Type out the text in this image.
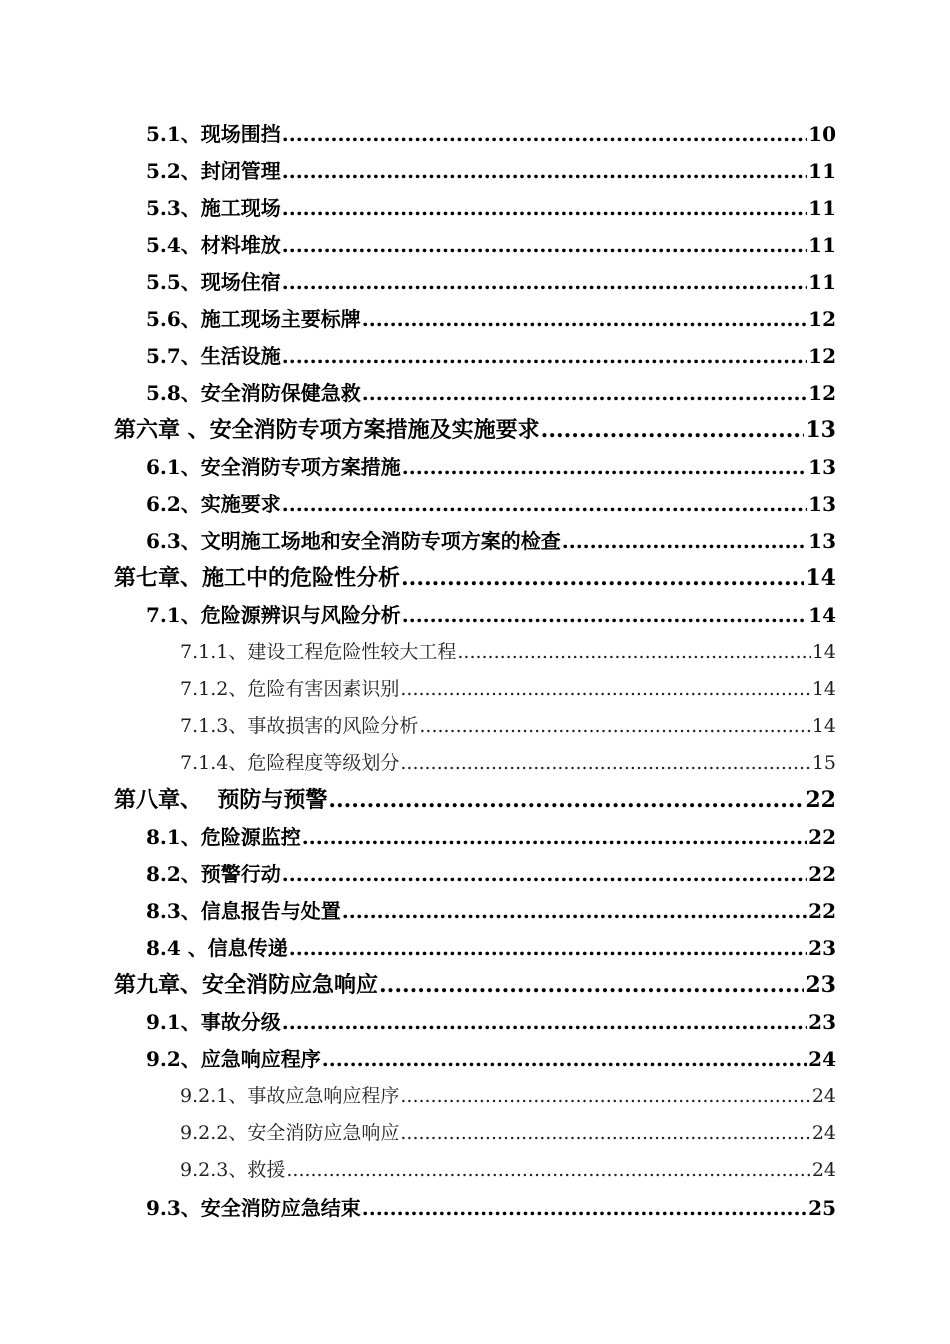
5.1、现场围挡 .....	10
5.2、封闭管理 .....	11
5.3、施工现场 .....	11
5.4、材料堆放 .....	11
5.5、现场住宿 .....	11
5.6、施工现场主要标牌 .....	12
5.7、生活设施 .....	12
5.8、安全消防保健急救 .....	12
第六章 、安全消防专项方案措施及实施要求 .....	13
6.1、安全消防专项方案措施 .....	13
6.2、实施要求 .....	13
6.3、文明施工场地和安全消防专项方案的检查 .....	13
第七章、施工中的危险性分析 .....	14
7.1、危险源辨识与风险分析 .....	14
7.1.1、建设工程危险性较大工程 .....	14
7.1.2、危险有害因素识别 .....	14
7.1.3、事故损害的风险分析 .....	14
7.1.4、危险程度等级划分 .....	15
第八章、  预防与预警 .....	22
8.1、危险源监控 .....	22
8.2、预警行动 .....	22
8.3、信息报告与处置 .....	22
8.4 、信息传递 .....	23
第九章、安全消防应急响应 .....	23
9.1、事故分级 .....	23
9.2、应急响应程序 .....	24
9.2.1、事故应急响应程序 .....	24
9.2.2、安全消防应急响应 .....	24
9.2.3、救援 .....	24
9.3、安全消防应急结束 .....	25
